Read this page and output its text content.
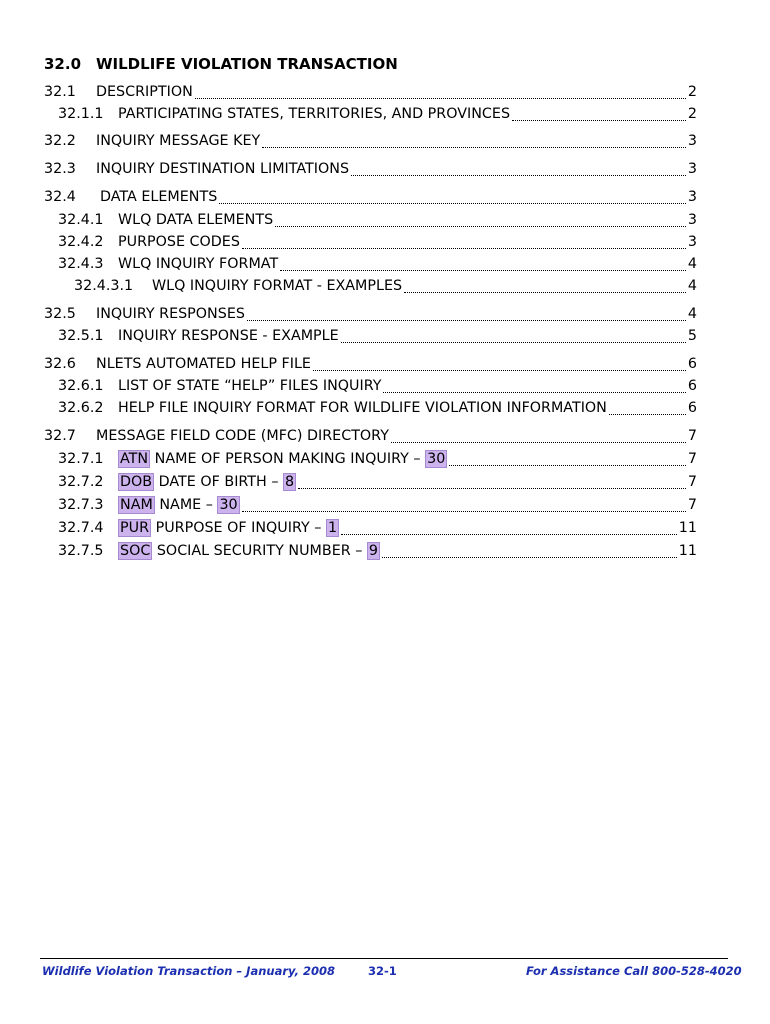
32.0 WILDLIFE VIOLATION TRANSACTION
32.1	DESCRIPTION	2
32.1.1	PARTICIPATING STATES, TERRITORIES, AND PROVINCES	2
32.2	INQUIRY MESSAGE KEY	3
32.3	INQUIRY DESTINATION LIMITATIONS	3
32.4	DATA ELEMENTS	3
32.4.1	WLQ DATA ELEMENTS	3
32.4.2	PURPOSE CODES	3
32.4.3	WLQ INQUIRY FORMAT	4
32.4.3.1	WLQ INQUIRY FORMAT - EXAMPLES	4
32.5	INQUIRY RESPONSES	4
32.5.1	INQUIRY RESPONSE - EXAMPLE	5
32.6	NLETS AUTOMATED HELP FILE	6
32.6.1	LIST OF STATE “HELP” FILES INQUIRY	6
32.6.2	HELP FILE INQUIRY FORMAT FOR WILDLIFE VIOLATION INFORMATION	6
32.7	MESSAGE FIELD CODE (MFC) DIRECTORY	7
32.7.1	ATN NAME OF PERSON MAKING INQUIRY – 30	7
32.7.2	DOB DATE OF BIRTH – 8	7
32.7.3	NAM NAME – 30	7
32.7.4	PUR PURPOSE OF INQUIRY – 1	11
32.7.5	SOC SOCIAL SECURITY NUMBER – 9	11
Wildlife Violation Transaction – January, 2008	32-1	For Assistance Call 800-528-4020
